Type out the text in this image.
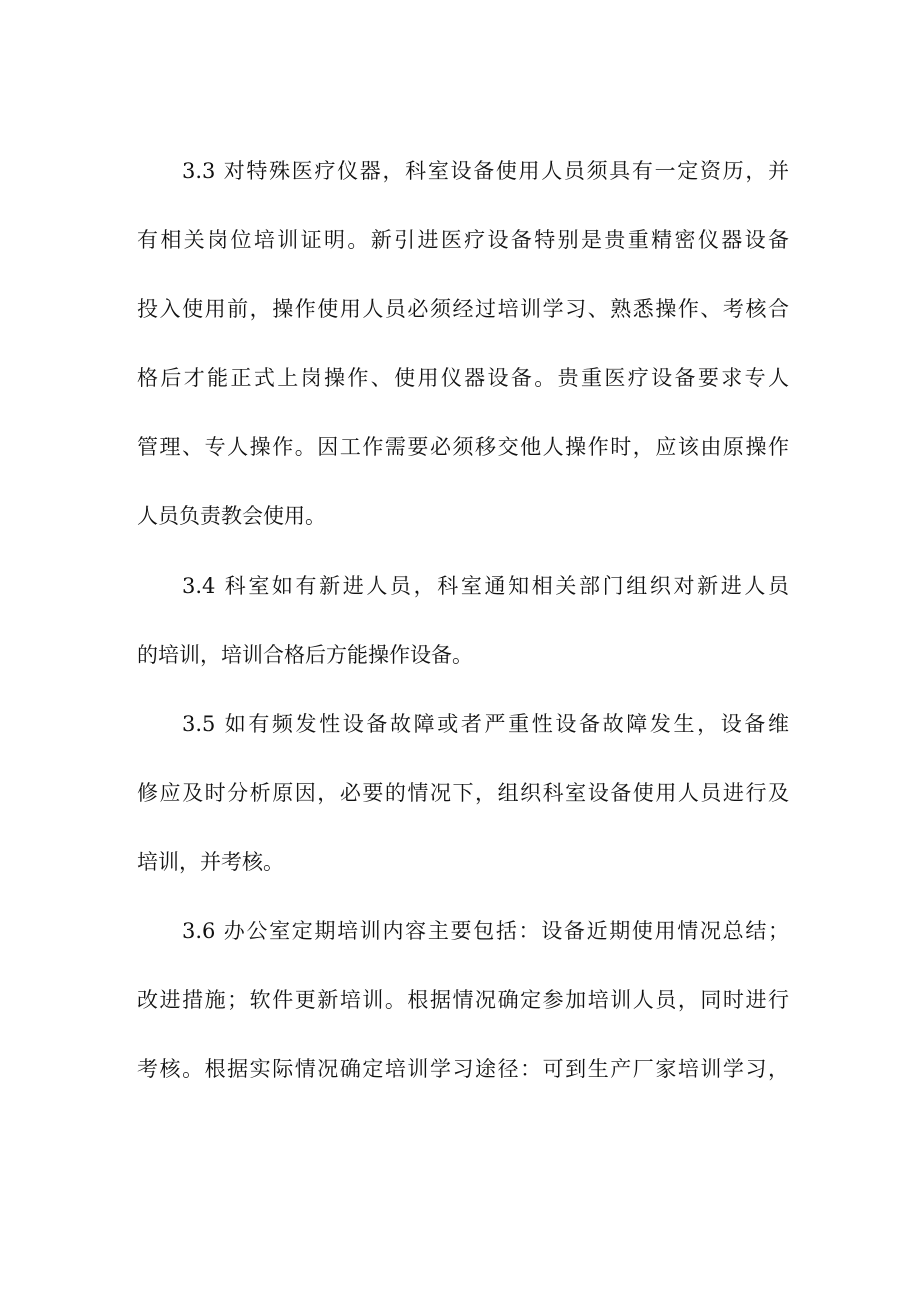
3.3 对特殊医疗仪器，科室设备使用人员须具有一定资历，并
有相关岗位培训证明。新引进医疗设备特别是贵重精密仪器设备
投入使用前，操作使用人员必须经过培训学习、熟悉操作、考核合
格后才能正式上岗操作、使用仪器设备。贵重医疗设备要求专人
管理、专人操作。因工作需要必须移交他人操作时，应该由原操作
人员负责教会使用。
3.4 科室如有新进人员，科室通知相关部门组织对新进人员
的培训，培训合格后方能操作设备。
3.5 如有频发性设备故障或者严重性设备故障发生，设备维
修应及时分析原因，必要的情况下，组织科室设备使用人员进行及
培训，并考核。
3.6 办公室定期培训内容主要包括：设备近期使用情况总结；
改进措施；软件更新培训。根据情况确定参加培训人员，同时进行
考核。根据实际情况确定培训学习途径：可到生产厂家培训学习，
